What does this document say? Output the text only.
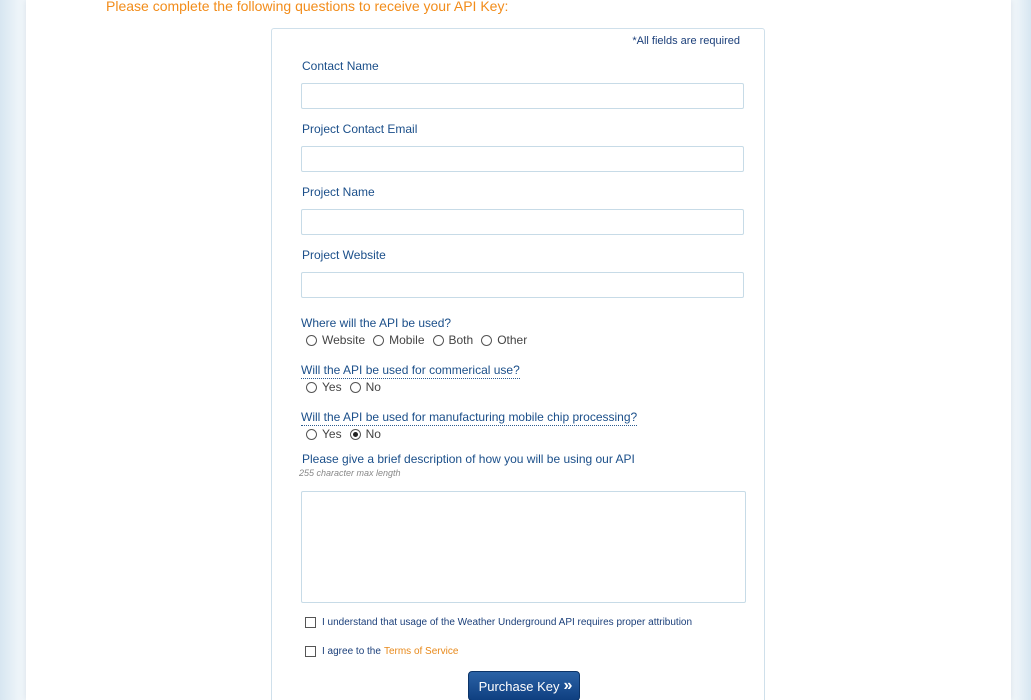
Please complete the following questions to receive your API Key:

*All fields are required
Contact Name
Project Contact Email
Project Name
Project Website
Where will the API be used?
Website Mobile Both Other
Will the API be used for commerical use?
Yes No
Will the API be used for manufacturing mobile chip processing?
Yes No
Please give a brief description of how you will be using our API
255 character max length
I understand that usage of the Weather Underground API requires proper attribution
I agree to the Terms of Service
Purchase Key »
